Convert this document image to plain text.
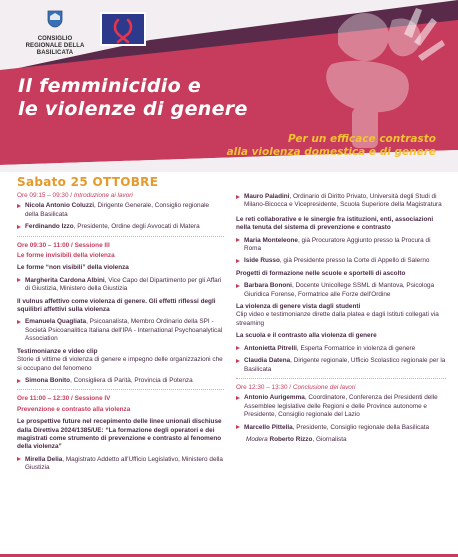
CONSIGLIO REGIONALE DELLA BASILICATA
Il femminicidio e
le violenze di genere
Per un efficace contrasto
alla violenza domestica e di genere
Sabato 25 OTTOBRE
Ore 09:15 – 09:30 / Introduzione ai lavori
Nicola Antonio Coluzzi, Dirigente Generale, Consiglio regionale della Basilicata
Ferdinando Izzo, Presidente, Ordine degli Avvocati di Matera
Ore 09:30 – 11:00 / Sessione III
Le forme invisibili della violenza
Le forme “non visibili” della violenza
Margherita Cardona Albini, Vice Capo del Dipartimento per gli Affari di Giustizia, Ministero della Giustizia
Il vulnus affettivo come violenza di genere. Gli effetti riflessi degli squilibri affettivi sulla violenza
Emanuela Quagliata, Psicoanalista, Membro Ordinario della SPI - Società Psicoanalitica Italiana dell'IPA - International Psychoanalytical Association
Testimonianze e video clip
Storie di vittime di violenza di genere e impegno delle organizzazioni che si occupano del fenomeno
Simona Bonito, Consigliera di Parità, Provincia di Potenza
Ore 11:00 – 12:30 / Sessione IV
Prevenzione e contrasto alla violenza
Le prospettive future nel recepimento delle linee unionali dischiuse dalla Direttiva 2024/1385/UE: “La formazione degli operatori e dei magistrati come strumento di prevenzione e contrasto al fenomeno della violenza”
Mirella Delia, Magistrato Addetto all'Ufficio Legislativo, Ministero della Giustizia
Mauro Paladini, Ordinario di Diritto Privato, Università degli Studi di Milano-Bicocca e Vicepresidente, Scuola Superiore della Magistratura
Le reti collaborative e le sinergie fra istituzioni, enti, associazioni nella tenuta del sistema di prevenzione e contrasto
Maria Monteleone, già Procuratore Aggiunto presso la Procura di Roma
Iside Russo, già Presidente presso la Corte di Appello di Salerno
Progetti di formazione nelle scuole e sportelli di ascolto
Barbara Bononi, Docente Unicollege SSML di Mantova, Psicologa Giuridica Forense, Formatrice alle Forze dell'Ordine
La violenza di genere vista dagli studenti
Clip video e testimonianze dirette dalla platea e dagli Istituti collegati via streaming
La scuola e il contrasto alla violenza di genere
Antonietta Pitrelli, Esperta Formatrice in violenza di genere
Claudia Datena, Dirigente regionale, Ufficio Scolastico regionale per la Basilicata
Ore 12:30 – 13:30 / Conclusione dei lavori
Antonio Aurigemma, Coordinatore, Conferenza dei Presidenti delle Assemblee legislative delle Regioni e delle Province autonome e Presidente, Consiglio regionale del Lazio
Marcello Pittella, Presidente, Consiglio regionale della Basilicata
Modera Roberto Rizzo, Giornalista
